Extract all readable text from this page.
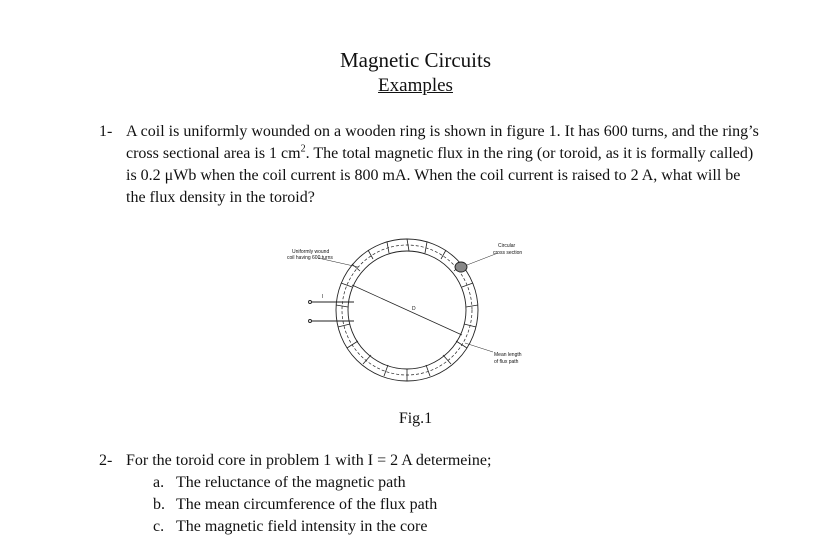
Magnetic Circuits
Examples
1- A coil is uniformly wounded on a wooden ring is shown in figure 1. It has 600 turns, and the ring’s cross sectional area is 1 $cm^2$. The total magnetic flux in the ring (or toroid, as it is formally called) is 0.2 μWb when the coil current is 800 mA. When the coil current is raised to 2 A, what will be the flux density in the toroid?
Uniformly wound
coil having 600 turns
Circular
cross section
Mean length
of flux path
I
D
Fig.1
2- For the toroid core in problem 1 with I = 2 A determeine;
a. The reluctance of the magnetic path
b. The mean circumference of the flux path
c. The magnetic field intensity in the core
